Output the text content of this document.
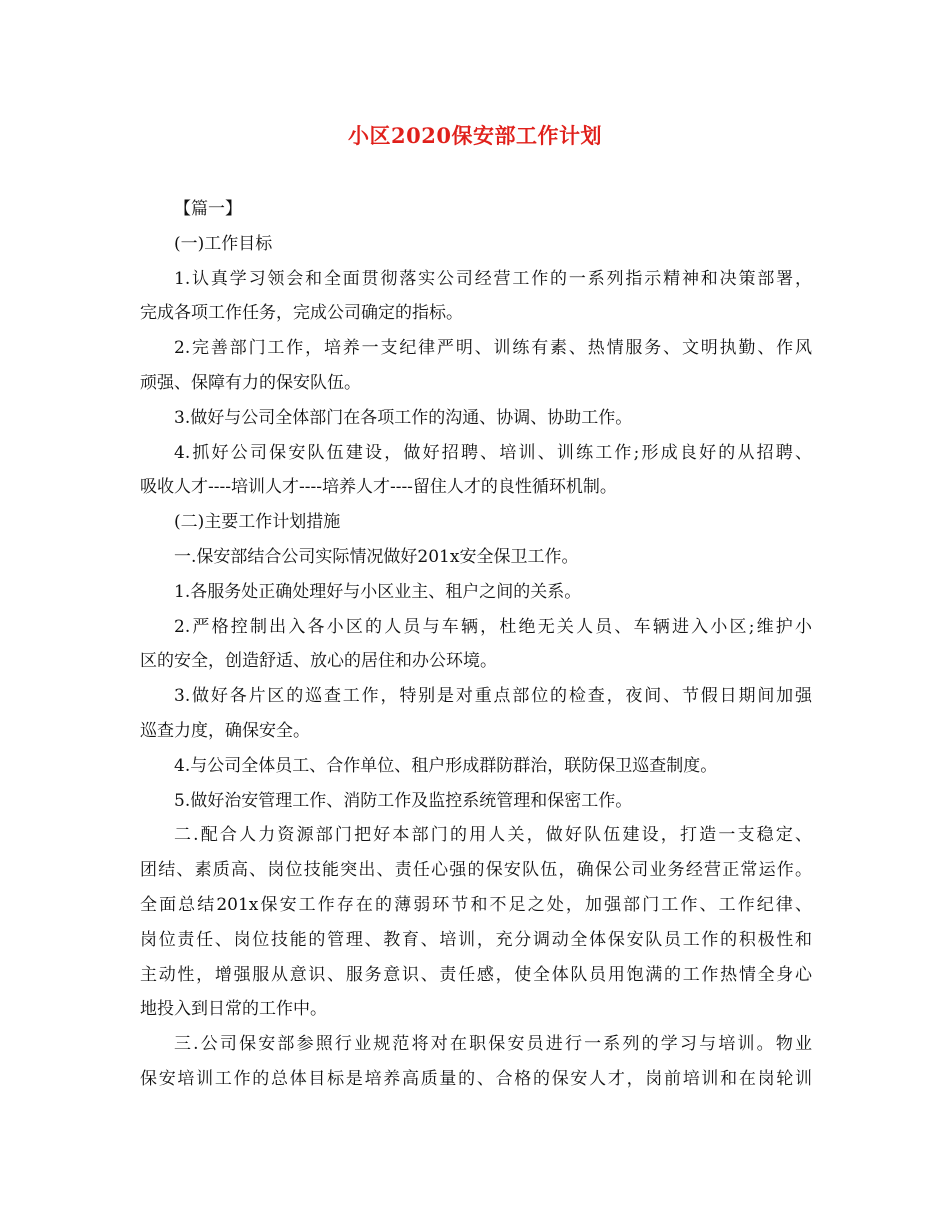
小区2020保安部工作计划
【篇一】
(一)工作目标
1.认真学习领会和全面贯彻落实公司经营工作的一系列指示精神和决策部署，
完成各项工作任务，完成公司确定的指标。
2.完善部门工作，培养一支纪律严明、训练有素、热情服务、文明执勤、作风
顽强、保障有力的保安队伍。
3.做好与公司全体部门在各项工作的沟通、协调、协助工作。
4.抓好公司保安队伍建设，做好招聘、培训、训练工作;形成良好的从招聘、
吸收人才----培训人才----培养人才----留住人才的良性循环机制。
(二)主要工作计划措施
一.保安部结合公司实际情况做好201x安全保卫工作。
1.各服务处正确处理好与小区业主、租户之间的关系。
2.严格控制出入各小区的人员与车辆，杜绝无关人员、车辆进入小区;维护小
区的安全，创造舒适、放心的居住和办公环境。
3.做好各片区的巡查工作，特别是对重点部位的检查，夜间、节假日期间加强
巡查力度，确保安全。
4.与公司全体员工、合作单位、租户形成群防群治，联防保卫巡查制度。
5.做好治安管理工作、消防工作及监控系统管理和保密工作。
二.配合人力资源部门把好本部门的用人关，做好队伍建设，打造一支稳定、
团结、素质高、岗位技能突出、责任心强的保安队伍，确保公司业务经营正常运作。
全面总结201x保安工作存在的薄弱环节和不足之处，加强部门工作、工作纪律、
岗位责任、岗位技能的管理、教育、培训，充分调动全体保安队员工作的积极性和
主动性，增强服从意识、服务意识、责任感，使全体队员用饱满的工作热情全身心
地投入到日常的工作中。
三.公司保安部参照行业规范将对在职保安员进行一系列的学习与培训。物业
保安培训工作的总体目标是培养高质量的、合格的保安人才，岗前培训和在岗轮训
